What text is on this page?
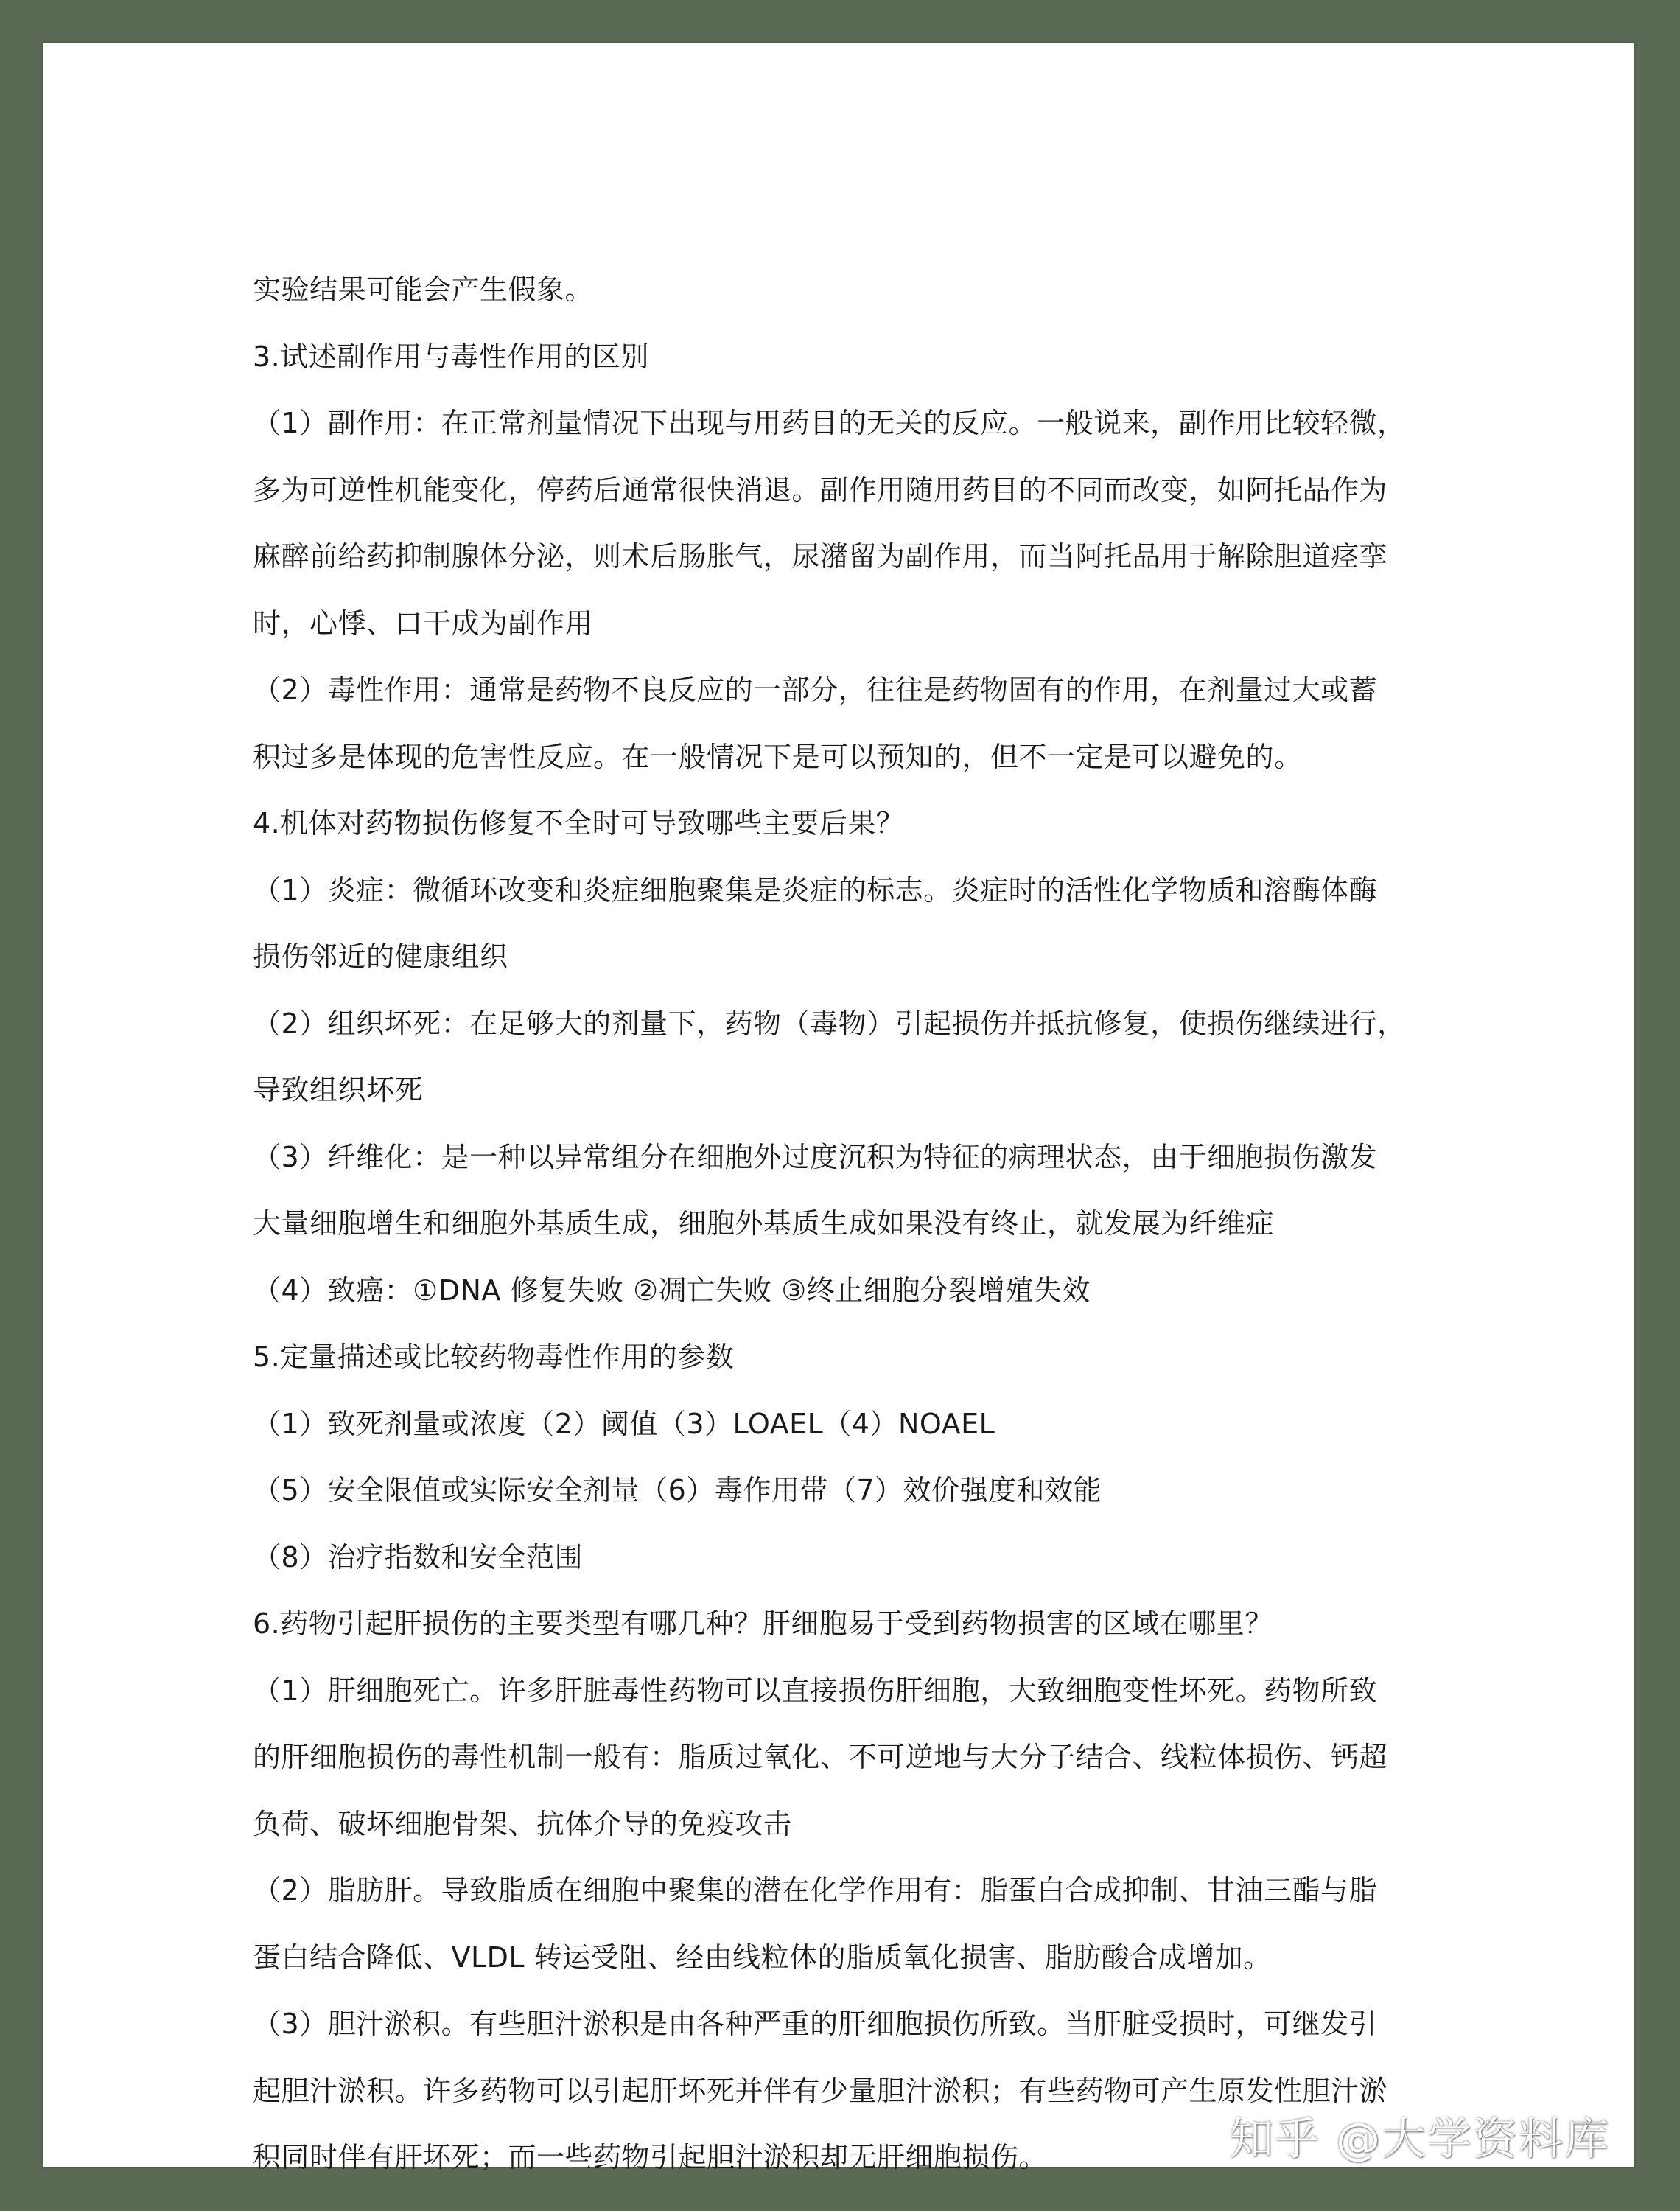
实验结果可能会产生假象。
3.试述副作用与毒性作用的区别
（1）副作用：在正常剂量情况下出现与用药目的无关的反应。一般说来，副作用比较轻微，
多为可逆性机能变化，停药后通常很快消退。副作用随用药目的不同而改变，如阿托品作为
麻醉前给药抑制腺体分泌，则术后肠胀气，尿潴留为副作用，而当阿托品用于解除胆道痉挛
时，心悸、口干成为副作用
（2）毒性作用：通常是药物不良反应的一部分，往往是药物固有的作用，在剂量过大或蓄
积过多是体现的危害性反应。在一般情况下是可以预知的，但不一定是可以避免的。
4.机体对药物损伤修复不全时可导致哪些主要后果？
（1）炎症：微循环改变和炎症细胞聚集是炎症的标志。炎症时的活性化学物质和溶酶体酶
损伤邻近的健康组织
（2）组织坏死：在足够大的剂量下，药物（毒物）引起损伤并抵抗修复，使损伤继续进行，
导致组织坏死
（3）纤维化：是一种以异常组分在细胞外过度沉积为特征的病理状态，由于细胞损伤激发
大量细胞增生和细胞外基质生成，细胞外基质生成如果没有终止，就发展为纤维症
（4）致癌：①DNA 修复失败 ②凋亡失败 ③终止细胞分裂增殖失效
5.定量描述或比较药物毒性作用的参数
（1）致死剂量或浓度（2）阈值（3）LOAEL（4）NOAEL
（5）安全限值或实际安全剂量（6）毒作用带（7）效价强度和效能
（8）治疗指数和安全范围
6.药物引起肝损伤的主要类型有哪几种？肝细胞易于受到药物损害的区域在哪里？
（1）肝细胞死亡。许多肝脏毒性药物可以直接损伤肝细胞，大致细胞变性坏死。药物所致
的肝细胞损伤的毒性机制一般有：脂质过氧化、不可逆地与大分子结合、线粒体损伤、钙超
负荷、破坏细胞骨架、抗体介导的免疫攻击
（2）脂肪肝。导致脂质在细胞中聚集的潜在化学作用有：脂蛋白合成抑制、甘油三酯与脂
蛋白结合降低、VLDL 转运受阻、经由线粒体的脂质氧化损害、脂肪酸合成增加。
（3）胆汁淤积。有些胆汁淤积是由各种严重的肝细胞损伤所致。当肝脏受损时，可继发引
起胆汁淤积。许多药物可以引起肝坏死并伴有少量胆汁淤积；有些药物可产生原发性胆汁淤
积同时伴有肝坏死；而一些药物引起胆汁淤积却无肝细胞损伤。	知乎 @大学资料库
